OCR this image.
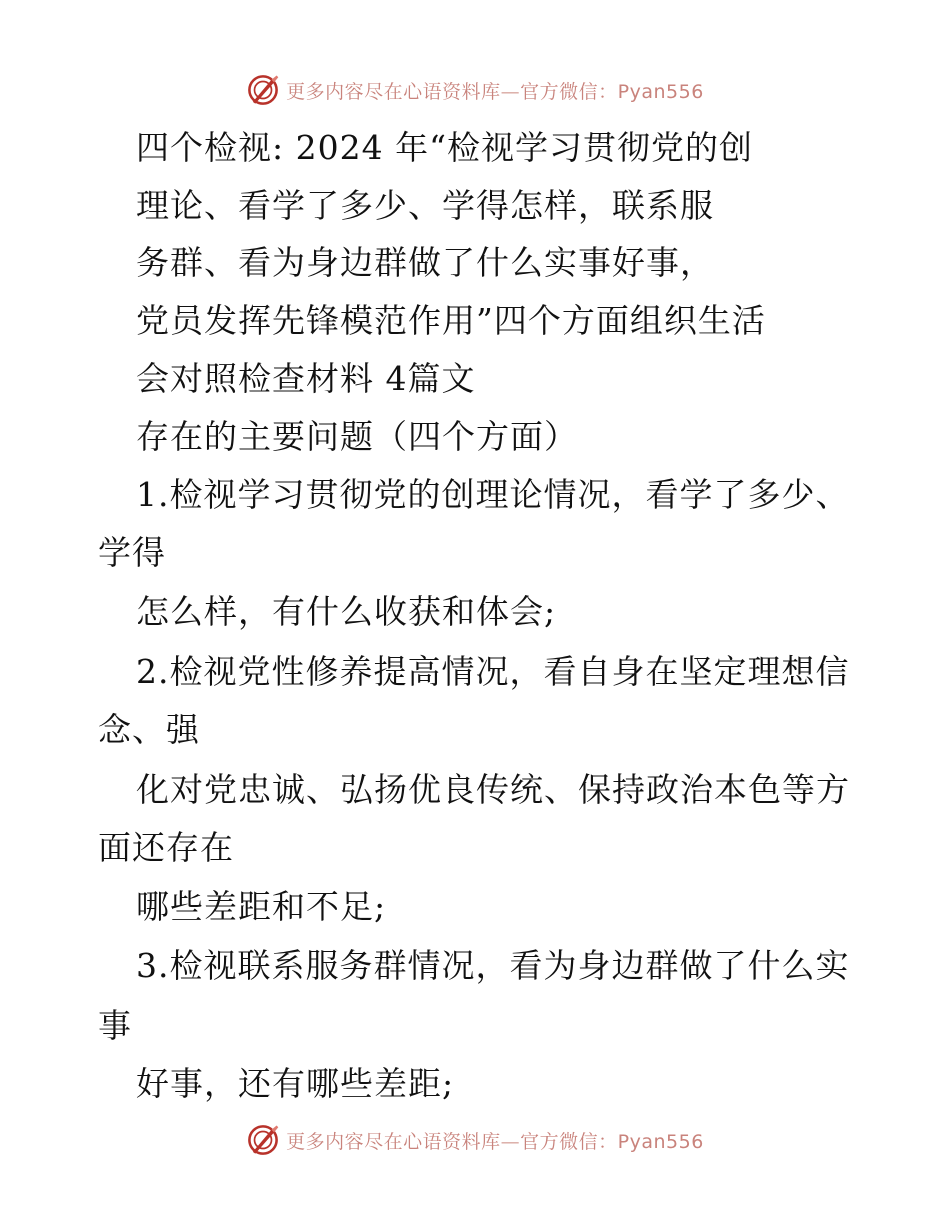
更多内容尽在心语资料库—官方微信：Pyan556
四个检视: 2024 年“检视学习贯彻党的创
理论、看学了多少、学得怎样，联系服
务群、看为身边群做了什么实事好事，
党员发挥先锋模范作用”四个方面组织生活
会对照检查材料 4篇文
存在的主要问题（四个方面）
1.检视学习贯彻党的创理论情况，看学了多少、
学得
怎么样，有什么收获和体会;
2.检视党性修养提高情况，看自身在坚定理想信
念、强
化对党忠诚、弘扬优良传统、保持政治本色等方
面还存在
哪些差距和不足;
3.检视联系服务群情况，看为身边群做了什么实
事
好事，还有哪些差距;
更多内容尽在心语资料库—官方微信：Pyan556
